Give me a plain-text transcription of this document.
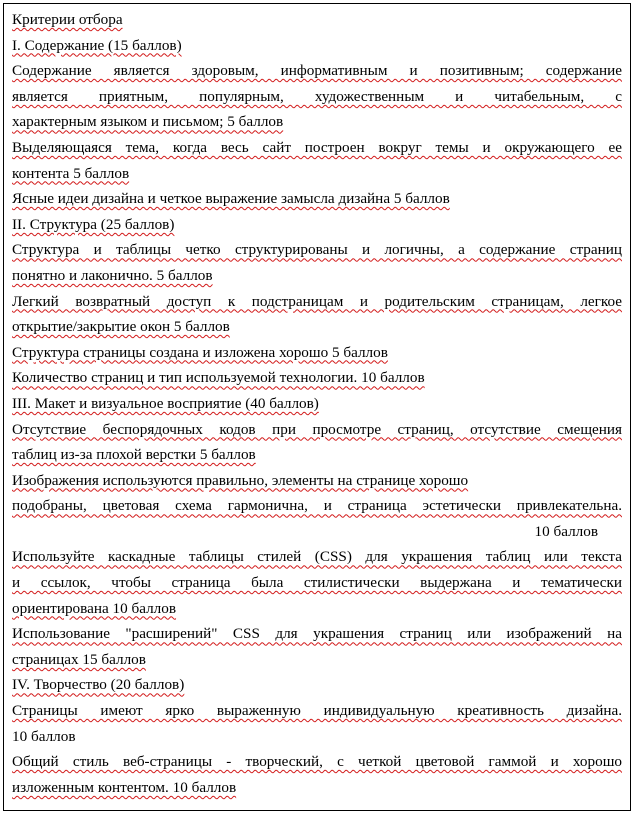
Критерии отбора
I. Содержание (15 баллов)
Содержание является здоровым, информативным и позитивным; содержание
является приятным, популярным, художественным и читабельным, с
характерным языком и письмом; 5 баллов
Выделяющаяся тема, когда весь сайт построен вокруг темы и окружающего ее
контента 5 баллов
Ясные идеи дизайна и четкое выражение замысла дизайна 5 баллов
II. Структура (25 баллов)
Структура и таблицы четко структурированы и логичны, а содержание страниц
понятно и лаконично. 5 баллов
Легкий возвратный доступ к подстраницам и родительским страницам, легкое
открытие/закрытие окон 5 баллов
Структура страницы создана и изложена хорошо 5 баллов
Количество страниц и тип используемой технологии. 10 баллов
III. Макет и визуальное восприятие (40 баллов)
Отсутствие беспорядочных кодов при просмотре страниц, отсутствие смещения
таблиц из-за плохой верстки 5 баллов
Изображения используются правильно, элементы на странице хорошо
подобраны, цветовая схема гармонична, и страница эстетически привлекательна.
10 баллов
Используйте каскадные таблицы стилей (CSS) для украшения таблиц или текста
и ссылок, чтобы страница была стилистически выдержана и тематически
ориентирована 10 баллов
Использование "расширений" CSS для украшения страниц или изображений на
страницах 15 баллов
IV. Творчество (20 баллов)
Страницы имеют ярко выраженную индивидуальную креативность дизайна.
10 баллов
Общий стиль веб-страницы - творческий, с четкой цветовой гаммой и хорошо
изложенным контентом. 10 баллов
